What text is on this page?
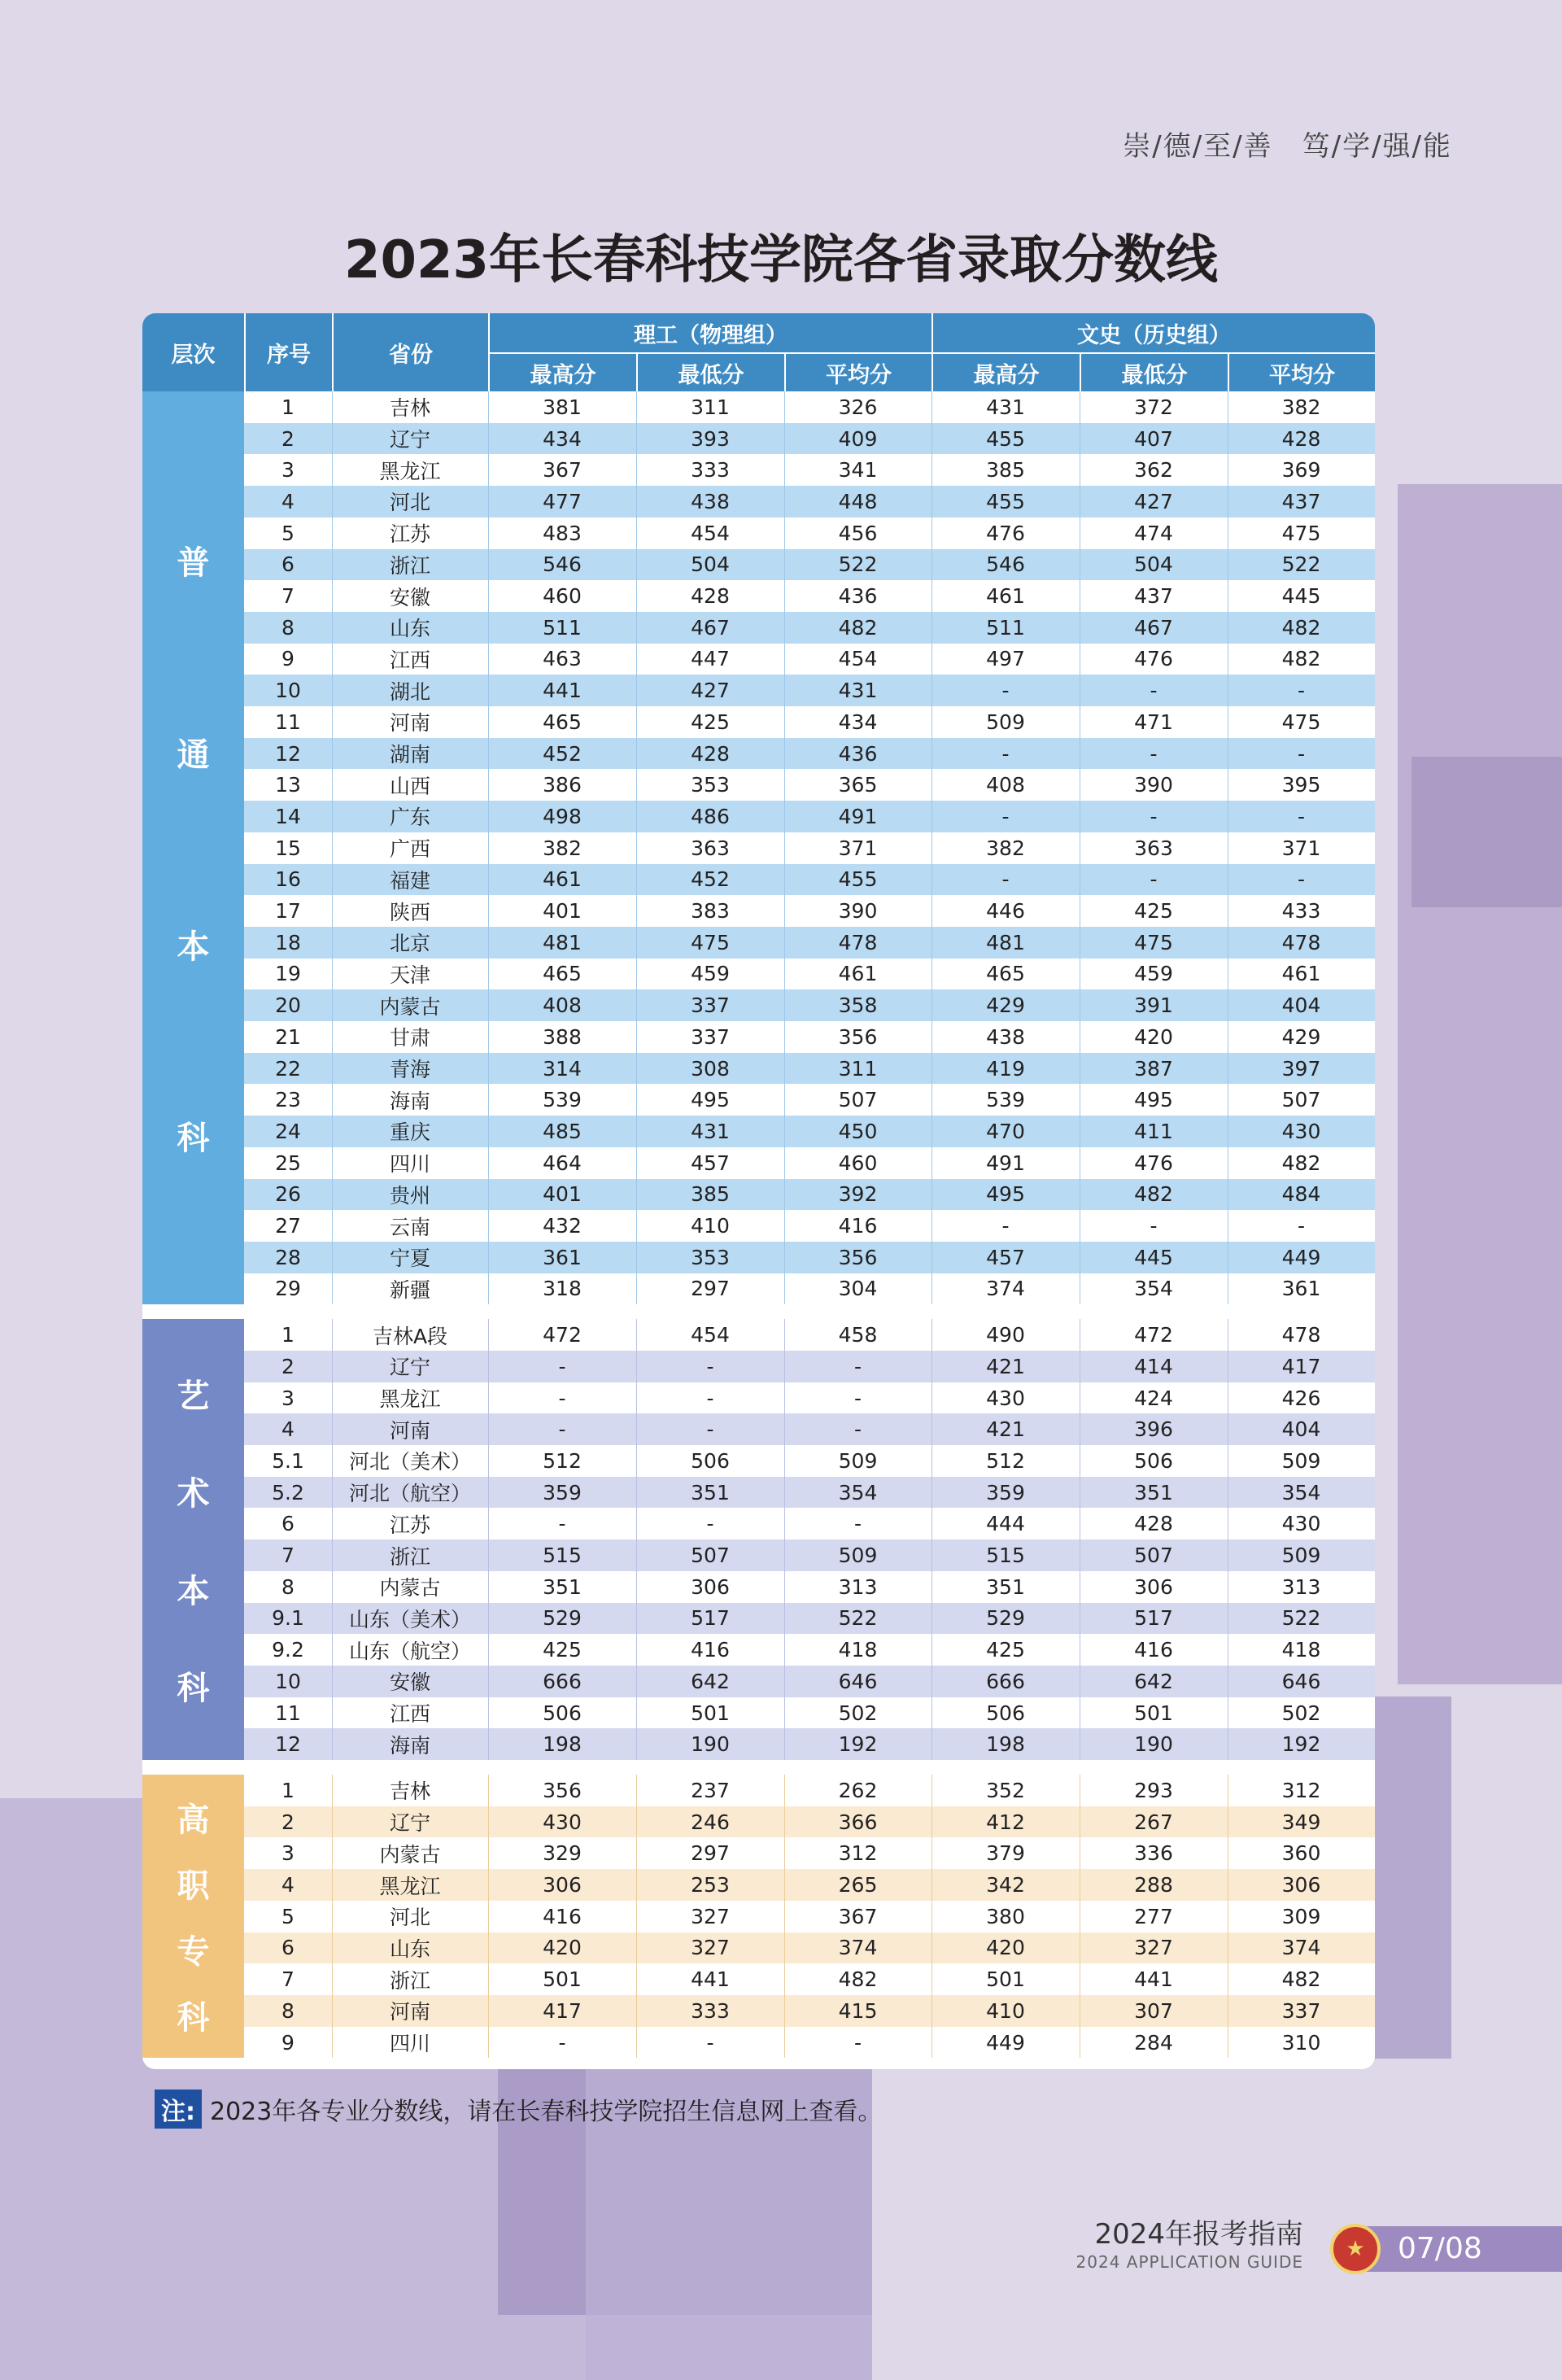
崇/德/至/善　笃/学/强/能
2023年长春科技学院各省录取分数线
层次	序号	省份
理工（物理组）	文史（历史组）
最高分	最低分	平均分	最高分	最低分	平均分
普
通
本
科
1	吉林	381	311	326	431	372	382
2	辽宁	434	393	409	455	407	428
3	黑龙江	367	333	341	385	362	369
4	河北	477	438	448	455	427	437
5	江苏	483	454	456	476	474	475
6	浙江	546	504	522	546	504	522
7	安徽	460	428	436	461	437	445
8	山东	511	467	482	511	467	482
9	江西	463	447	454	497	476	482
10	湖北	441	427	431	-	-	-
11	河南	465	425	434	509	471	475
12	湖南	452	428	436	-	-	-
13	山西	386	353	365	408	390	395
14	广东	498	486	491	-	-	-
15	广西	382	363	371	382	363	371
16	福建	461	452	455	-	-	-
17	陕西	401	383	390	446	425	433
18	北京	481	475	478	481	475	478
19	天津	465	459	461	465	459	461
20	内蒙古	408	337	358	429	391	404
21	甘肃	388	337	356	438	420	429
22	青海	314	308	311	419	387	397
23	海南	539	495	507	539	495	507
24	重庆	485	431	450	470	411	430
25	四川	464	457	460	491	476	482
26	贵州	401	385	392	495	482	484
27	云南	432	410	416	-	-	-
28	宁夏	361	353	356	457	445	449
29	新疆	318	297	304	374	354	361
艺
术
本
科
1	吉林A段	472	454	458	490	472	478
2	辽宁	-	-	-	421	414	417
3	黑龙江	-	-	-	430	424	426
4	河南	-	-	-	421	396	404
5.1	河北（美术）	512	506	509	512	506	509
5.2	河北（航空）	359	351	354	359	351	354
6	江苏	-	-	-	444	428	430
7	浙江	515	507	509	515	507	509
8	内蒙古	351	306	313	351	306	313
9.1	山东（美术）	529	517	522	529	517	522
9.2	山东（航空）	425	416	418	425	416	418
10	安徽	666	642	646	666	642	646
11	江西	506	501	502	506	501	502
12	海南	198	190	192	198	190	192
高
职
专
科
1	吉林	356	237	262	352	293	312
2	辽宁	430	246	366	412	267	349
3	内蒙古	329	297	312	379	336	360
4	黑龙江	306	253	265	342	288	306
5	河北	416	327	367	380	277	309
6	山东	420	327	374	420	327	374
7	浙江	501	441	482	501	441	482
8	河南	417	333	415	410	307	337
9	四川	-	-	-	449	284	310
注: 2023年各专业分数线，请在长春科技学院招生信息网上查看。
2024年报考指南
2024 APPLICATION GUIDE
★	07/08
